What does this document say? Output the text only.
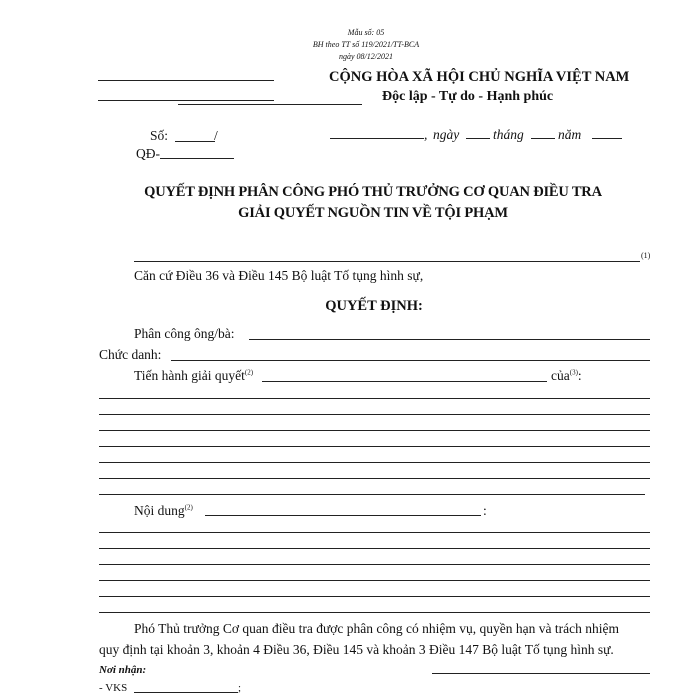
Mẫu số: 05
BH theo TT số 119/2021/TT-BCA
ngày 08/12/2021
CỘNG HÒA XÃ HỘI CHỦ NGHĨA VIỆT NAM
Độc lập - Tự do - Hạnh phúc
Số:	/
QĐ-
, ngày	tháng	năm
QUYẾT ĐỊNH PHÂN CÔNG PHÓ THỦ TRƯỞNG CƠ QUAN ĐIỀU TRA
GIẢI QUYẾT NGUỒN TIN VỀ TỘI PHẠM
(1)
Căn cứ Điều 36 và Điều 145 Bộ luật Tố tụng hình sự,
QUYẾT ĐỊNH:
Phân công ông/bà:
Chức danh:
Tiến hành giải quyết$^{(2)}$	của$^{(3)}$:
Nội dung$^{(2)}$	:
Phó Thủ trưởng Cơ quan điều tra được phân công có nhiệm vụ, quyền hạn và trách nhiệm
quy định tại khoản 3, khoản 4 Điều 36, Điều 145 và khoản 3 Điều 147 Bộ luật Tố tụng hình sự.
Nơi nhận:
- VKS	;
